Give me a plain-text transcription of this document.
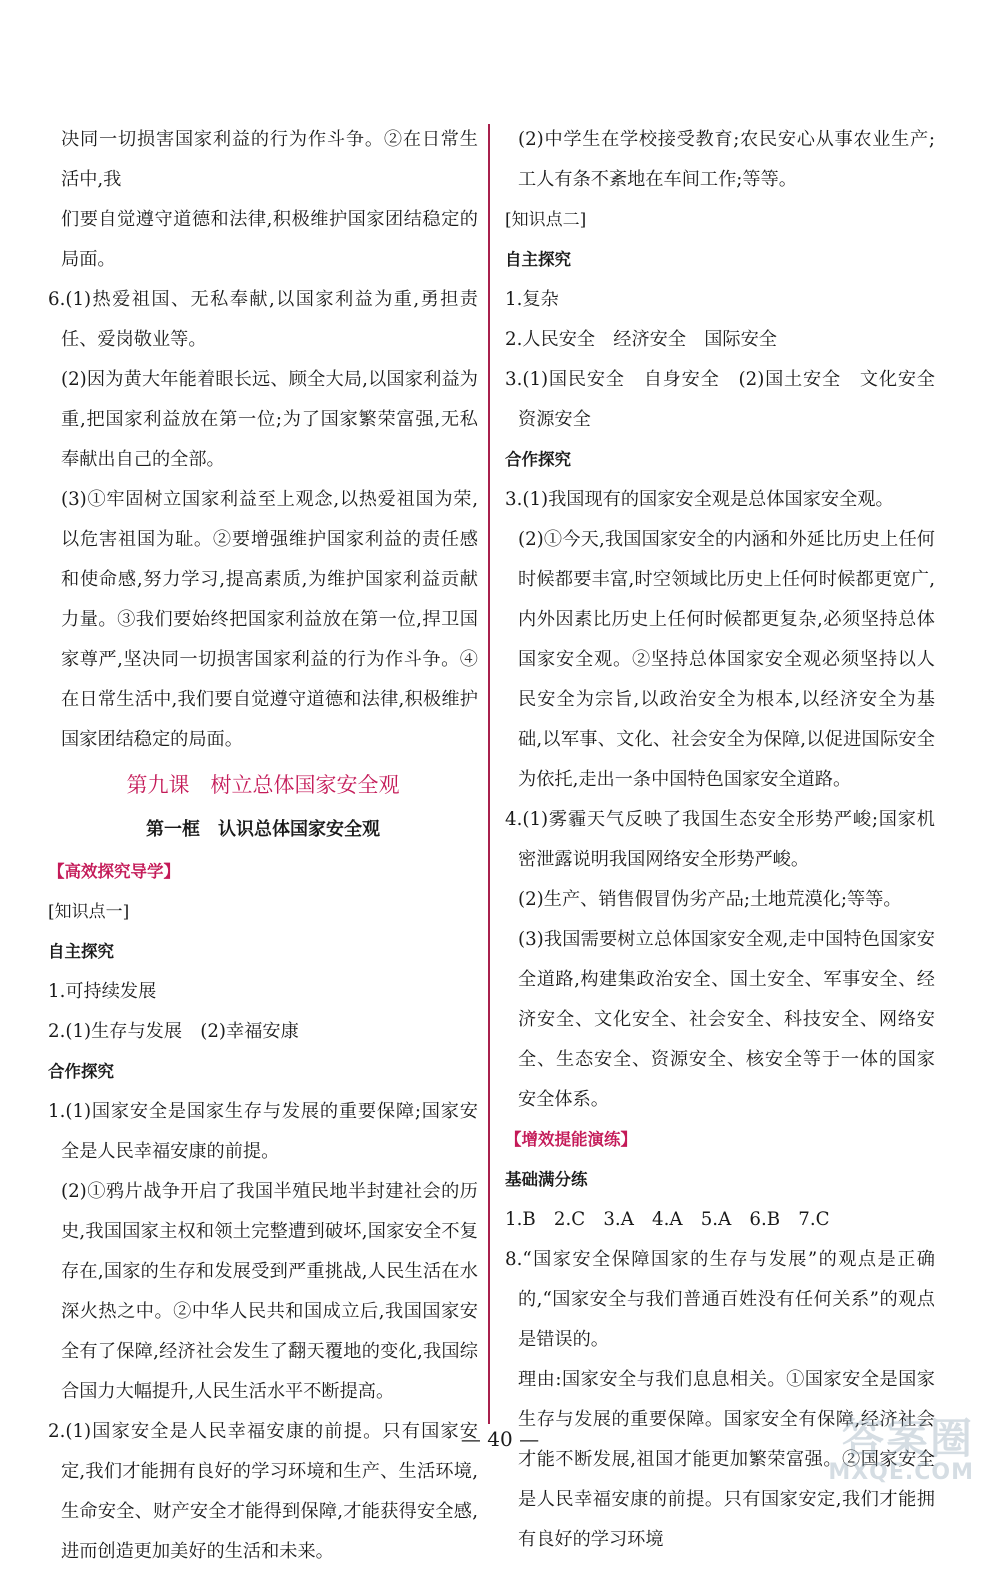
决同一切损害国家利益的行为作斗争。②在日常生活中,我

们要自觉遵守道德和法律,积极维护国家团结稳定的局面。

6.(1)热爱祖国、无私奉献,以国家利益为重,勇担责任、爱岗敬业等。

(2)因为黄大年能着眼长远、顾全大局,以国家利益为重,把国家利益放在第一位;为了国家繁荣富强,无私奉献出自己的全部。

(3)①牢固树立国家利益至上观念,以热爱祖国为荣,以危害祖国为耻。②要增强维护国家利益的责任感和使命感,努力学习,提高素质,为维护国家利益贡献力量。③我们要始终把国家利益放在第一位,捍卫国家尊严,坚决同一切损害国家利益的行为作斗争。④在日常生活中,我们要自觉遵守道德和法律,积极维护国家团结稳定的局面。

第九课　树立总体国家安全观

第一框　认识总体国家安全观

【高效探究导学】

[知识点一]

自主探究

1.可持续发展

2.(1)生存与发展　(2)幸福安康

合作探究

1.(1)国家安全是国家生存与发展的重要保障;国家安全是人民幸福安康的前提。

(2)①鸦片战争开启了我国半殖民地半封建社会的历史,我国国家主权和领土完整遭到破坏,国家安全不复存在,国家的生存和发展受到严重挑战,人民生活在水深火热之中。②中华人民共和国成立后,我国国家安全有了保障,经济社会发生了翻天覆地的变化,我国综合国力大幅提升,人民生活水平不断提高。

2.(1)国家安全是人民幸福安康的前提。只有国家安定,我们才能拥有良好的学习环境和生产、生活环境,生命安全、财产安全才能得到保障,才能获得安全感,进而创造更加美好的生活和未来。

(2)中学生在学校接受教育;农民安心从事农业生产;工人有条不紊地在车间工作;等等。

[知识点二]

自主探究

1.复杂

2.人民安全　经济安全　国际安全

3.(1)国民安全　自身安全　(2)国土安全　文化安全　资源安全

合作探究

3.(1)我国现有的国家安全观是总体国家安全观。

(2)①今天,我国国家安全的内涵和外延比历史上任何时候都要丰富,时空领域比历史上任何时候都更宽广,内外因素比历史上任何时候都更复杂,必须坚持总体国家安全观。②坚持总体国家安全观必须坚持以人民安全为宗旨,以政治安全为根本,以经济安全为基础,以军事、文化、社会安全为保障,以促进国际安全为依托,走出一条中国特色国家安全道路。

4.(1)雾霾天气反映了我国生态安全形势严峻;国家机密泄露说明我国网络安全形势严峻。

(2)生产、销售假冒伪劣产品;土地荒漠化;等等。

(3)我国需要树立总体国家安全观,走中国特色国家安全道路,构建集政治安全、国土安全、军事安全、经济安全、文化安全、社会安全、科技安全、网络安全、生态安全、资源安全、核安全等于一体的国家安全体系。

【增效提能演练】

基础满分练

1.B　2.C　3.A　4.A　5.A　6.B　7.C

8.“国家安全保障国家的生存与发展”的观点是正确的,“国家安全与我们普通百姓没有任何关系”的观点是错误的。

理由:国家安全与我们息息相关。①国家安全是国家生存与发展的重要保障。国家安全有保障,经济社会才能不断发展,祖国才能更加繁荣富强。②国家安全是人民幸福安康的前提。只有国家安定,我们才能拥有良好的学习环境

— 40 —	答案圈
MXQE.COM
